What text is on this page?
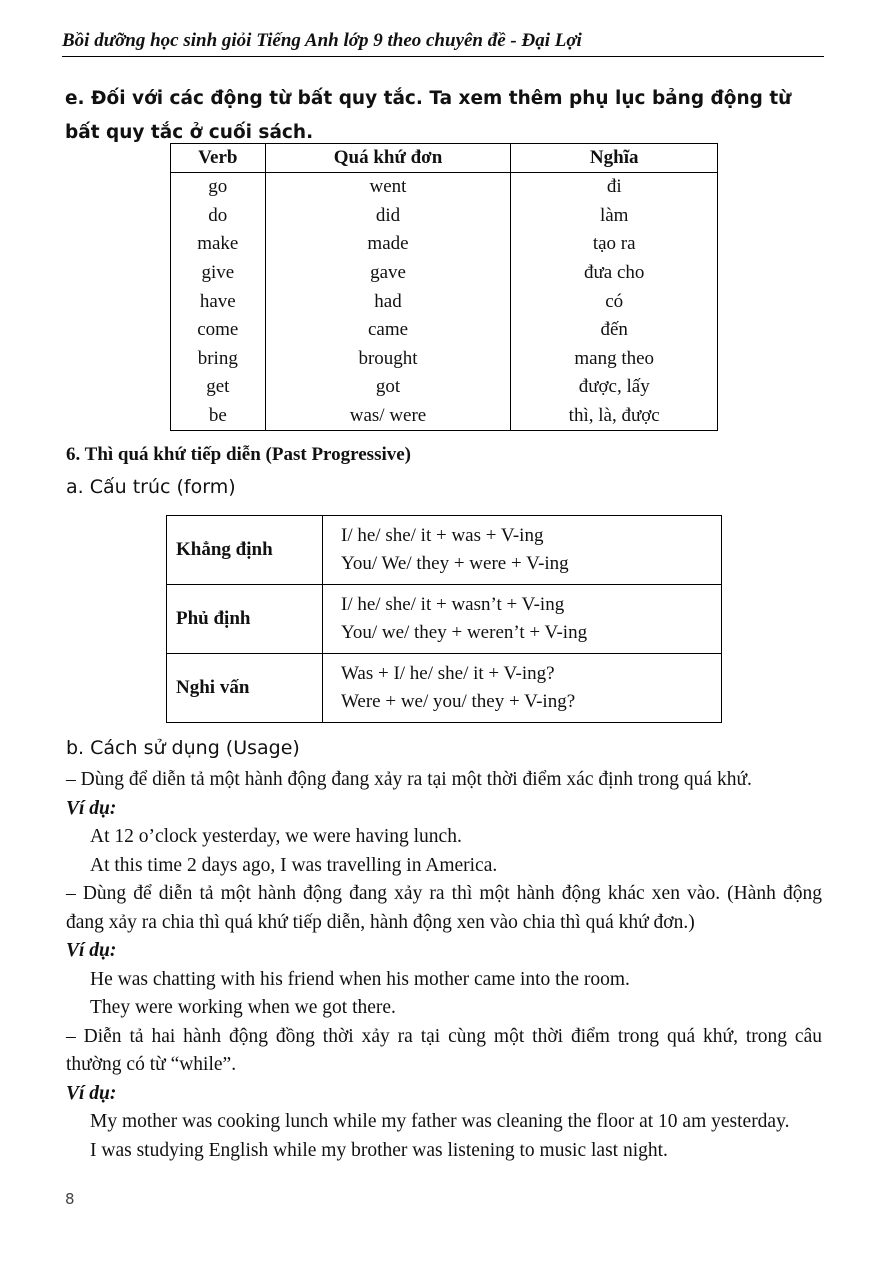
Bồi dưỡng học sinh giỏi Tiếng Anh lớp 9 theo chuyên đề - Đại Lợi
e. Đối với các động từ bất quy tắc. Ta xem thêm phụ lục bảng động từ bất quy tắc ở cuối sách.
Verb	Quá khứ đơn	Nghĩa
go	went	đi
do	did	làm
make	made	tạo ra
give	gave	đưa cho
have	had	có
come	came	đến
bring	brought	mang theo
get	got	được, lấy
be	was/ were	thì, là, được
6. Thì quá khứ tiếp diễn (Past Progressive)
a. Cấu trúc (form)
Khẳng định	I/ he/ she/ it + was + V-ing
You/ We/ they + were + V-ing

Phủ định	I/ he/ she/ it + wasn’t + V-ing
You/ we/ they + weren’t + V-ing

Nghi vấn	Was + I/ he/ she/ it + V-ing?
Were + we/ you/ they + V-ing?
b. Cách sử dụng (Usage)

– Dùng để diễn tả một hành động đang xảy ra tại một thời điểm xác định trong quá khứ.

Ví dụ:

At 12 o’clock yesterday, we were having lunch.

At this time 2 days ago, I was travelling in America.

– Dùng để diễn tả một hành động đang xảy ra thì một hành động khác xen vào. (Hành động đang xảy ra chia thì quá khứ tiếp diễn, hành động xen vào chia thì quá khứ đơn.)

Ví dụ:

He was chatting with his friend when his mother came into the room.

They were working when we got there.

– Diễn tả hai hành động đồng thời xảy ra tại cùng một thời điểm trong quá khứ, trong câu thường có từ “while”.

Ví dụ:

My mother was cooking lunch while my father was cleaning the floor at 10 am yesterday.

I was studying English while my brother was listening to music last night.

8
